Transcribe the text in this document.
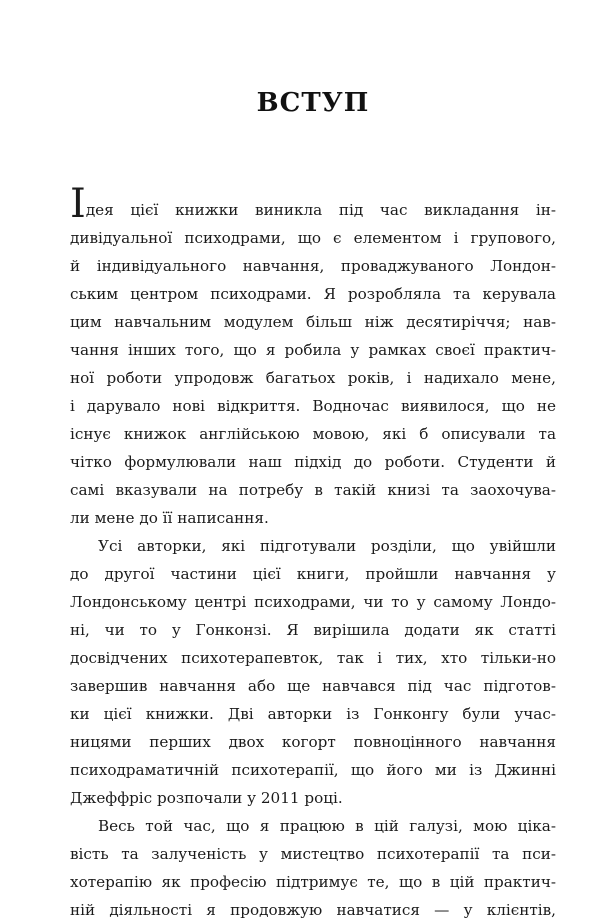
ВСТУП
Ідея цієї книжки виникла під час викладання ін-
дивідуальної психодрами, що є елементом і групового,
й індивідуального навчання, проваджуваного Лондон-
ським центром психодрами. Я розробляла та керувала
цим навчальним модулем більш ніж десятиріччя; нав-
чання інших того, що я робила у рамках своєї практич-
ної роботи упродовж багатьох років, і надихало мене,
і дарувало нові відкриття. Водночас виявилося, що не
існує книжок англійською мовою, які б описували та
чітко формулювали наш підхід до роботи. Студенти й
самі вказували на потребу в такій книзі та заохочува-
ли мене до її написання.
Усі авторки, які підготували розділи, що увійшли
до другої частини цієї книги, пройшли навчання у
Лондонському центрі психодрами, чи то у самому Лондо-
ні, чи то у Гонконзі. Я вирішила додати як статті
досвідчених психотерапевток, так і тих, хто тільки-но
завершив навчання або ще навчався під час підготов-
ки цієї книжки. Дві авторки із Гонконгу були учас-
ницями перших двох когорт повноцінного навчання
психодраматичній психотерапії, що його ми із Джинні
Джеффріс розпочали у 2011 році.
Весь той час, що я працюю в цій галузі, мою ціка-
вість та залученість у мистецтво психотерапії та пси-
хотерапію як професію підтримує те, що в цій практич-
ній діяльності я продовжую навчатися — у клієнтів,
